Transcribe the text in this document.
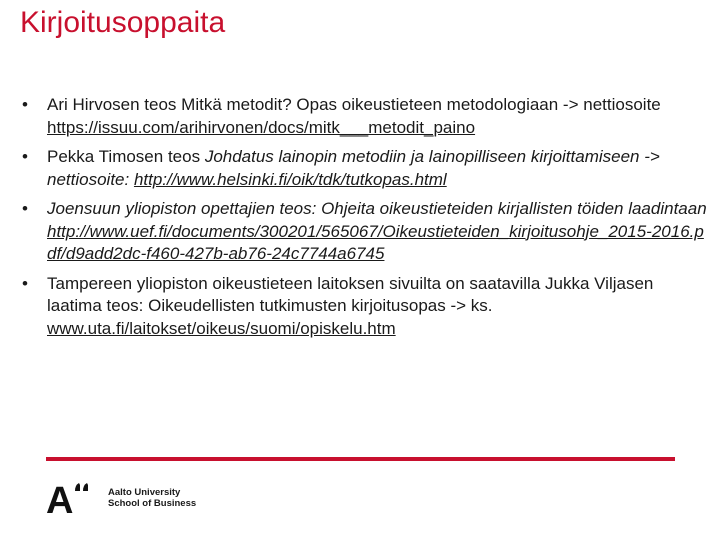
Kirjoitusoppaita
• Ari Hirvosen teos Mitkä metodit? Opas oikeustieteen metodologiaan -> nettiosoite https://issuu.com/arihirvonen/docs/mitk___metodit_paino
• Pekka Timosen teos Johdatus lainopin metodiin ja lainopilliseen kirjoittamiseen -> nettiosoite: http://www.helsinki.fi/oik/tdk/tutkopas.html
• Joensuun yliopiston opettajien teos: Ohjeita oikeustieteiden kirjallisten töiden laadintaan http://www.uef.fi/documents/300201/565067/Oikeustieteiden_kirjoitusohje_2015-2016.pdf/d9add2dc-f460-427b-ab76-24c7744a6745
• Tampereen yliopiston oikeustieteen laitoksen sivuilta on saatavilla Jukka Viljasen laatima teos: Oikeudellisten tutkimusten kirjoitusopas -> ks. www.uta.fi/laitokset/oikeus/suomi/opiskelu.htm
A	Aalto University
School of Business
